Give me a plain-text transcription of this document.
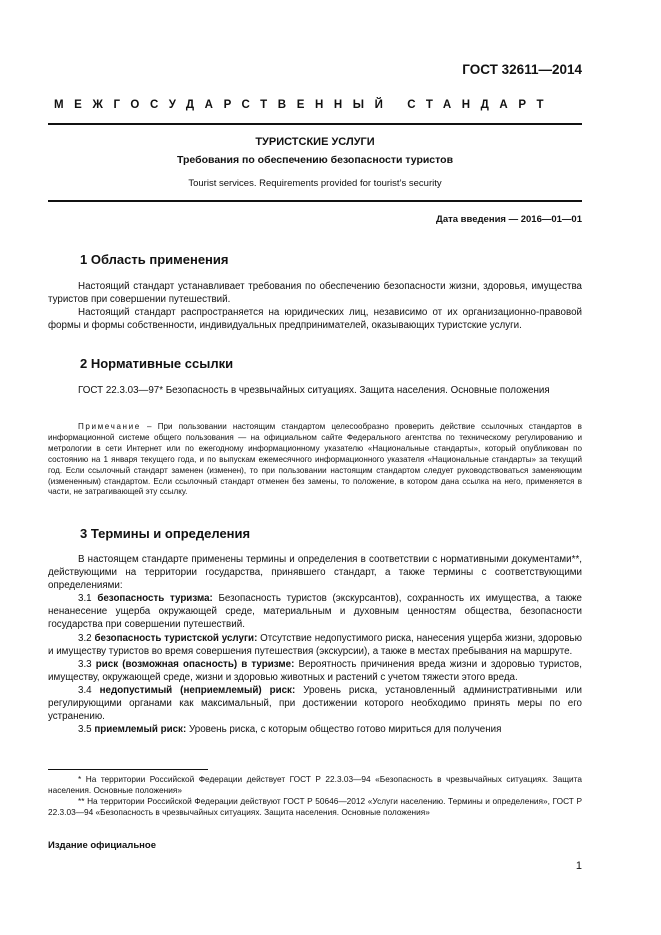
ГОСТ 32611—2014
МЕЖГОСУДАРСТВЕННЫЙ СТАНДАРТ
ТУРИСТСКИЕ УСЛУГИ
Требования по обеспечению безопасности туристов
Tourist services. Requirements provided for tourist’s security
Дата введения — 2016—01—01
1 Область применения

Настоящий стандарт устанавливает требования по обеспечению безопасности жизни, здоровья, имущества туристов при совершении путешествий.

Настоящий стандарт распространяется на юридических лиц, независимо от их организационно-правовой формы и формы собственности, индивидуальных предпринимателей, оказывающих туристские услуги.

2 Нормативные ссылки

ГОСТ 22.3.03—97* Безопасность в чрезвычайных ситуациях. Защита населения. Основные положения

Примечание – При пользовании настоящим стандартом целесообразно проверить действие ссылочных стандартов в информационной системе общего пользования — на официальном сайте Федерального агентства по техническому регулированию и метрологии в сети Интернет или по ежегодному информационному указателю «Национальные стандарты», который опубликован по состоянию на 1 января текущего года, и по выпускам ежемесячного информационного указателя «Национальные стандарты» за текущий год. Если ссылочный стандарт заменен (изменен), то при пользовании настоящим стандартом следует руководствоваться заменяющим (измененным) стандартом. Если ссылочный стандарт отменен без замены, то положение, в котором дана ссылка на него, применяется в части, не затрагивающей эту ссылку.

3 Термины и определения

В настоящем стандарте применены термины и определения в соответствии с нормативными документами**, действующими на территории государства, принявшего стандарт, а также термины с соответствующими определениями:

3.1 безопасность туризма: Безопасность туристов (экскурсантов), сохранность их имущества, а также ненанесение ущерба окружающей среде, материальным и духовным ценностям общества, безопасности государства при совершении путешествий.

3.2 безопасность туристской услуги: Отсутствие недопустимого риска, нанесения ущерба жизни, здоровью и имуществу туристов во время совершения путешествия (экскурсии), а также в местах пребывания на маршруте.

3.3 риск (возможная опасность) в туризме: Вероятность причинения вреда жизни и здоровью туристов, имуществу, окружающей среде, жизни и здоровью животных и растений с учетом тяжести этого вреда.

3.4 недопустимый (неприемлемый) риск: Уровень риска, установленный административными или регулирующими органами как максимальный, при достижении которого необходимо принять меры по его устранению.

3.5 приемлемый риск: Уровень риска, с которым общество готово мириться для получения

* На территории Российской Федерации действует ГОСТ Р 22.3.03—94 «Безопасность в чрезвычайных ситуациях. Защита населения. Основные положения»

** На территории Российской Федерации действуют ГОСТ Р 50646—2012 «Услуги населению. Термины и определения», ГОСТ Р 22.3.03—94 «Безопасность в чрезвычайных ситуациях. Защита населения. Основные положения»

Издание официальное
1
